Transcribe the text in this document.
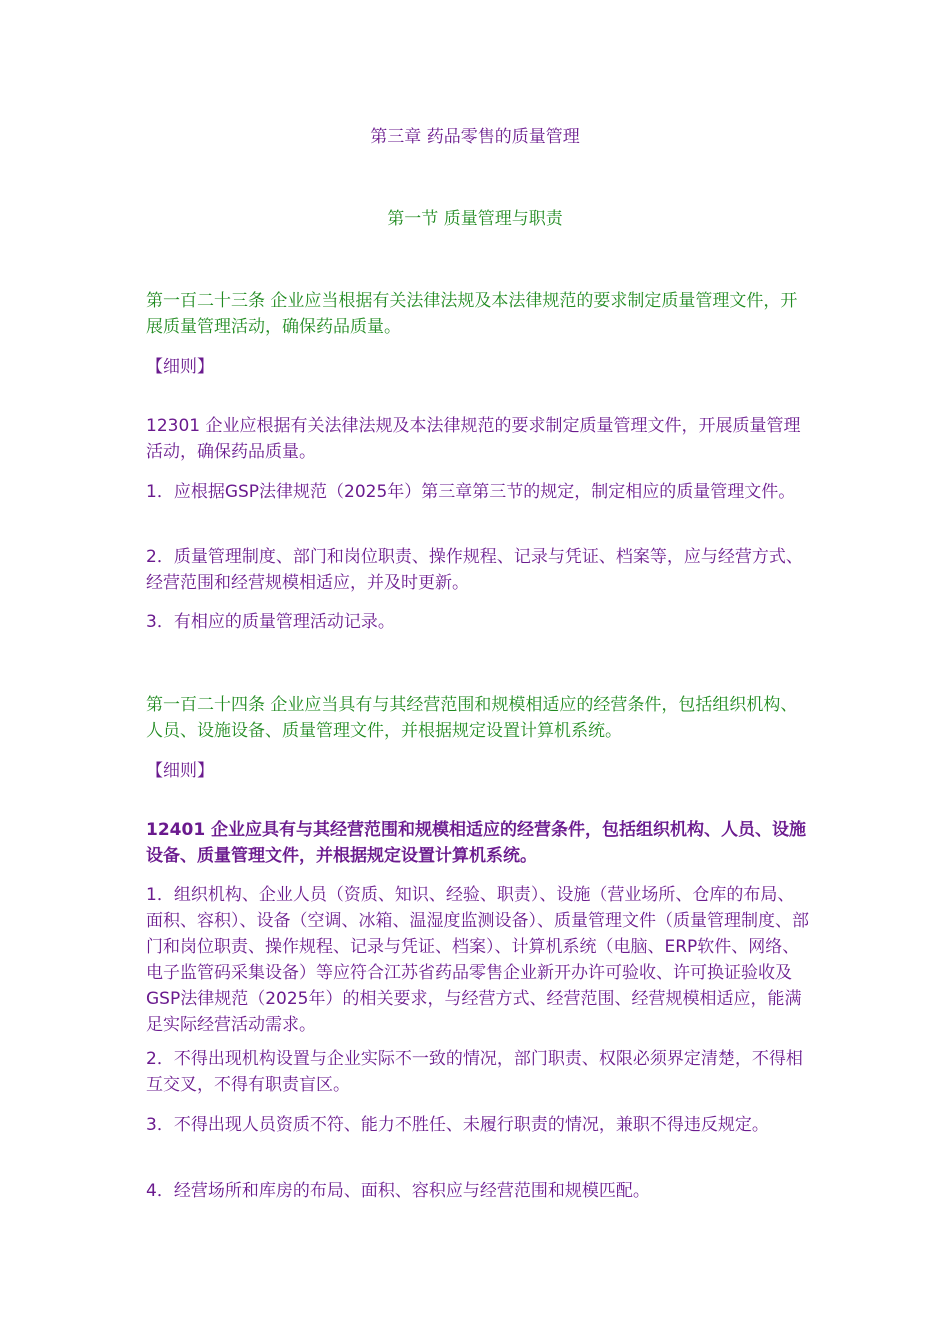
第三章 药品零售的质量管理

第一节 质量管理与职责

第一百二十三条 企业应当根据有关法律法规及本法律规范的要求制定质量管理文件，开展质量管理活动，确保药品质量。

【细则】

12301 企业应根据有关法律法规及本法律规范的要求制定质量管理文件，开展质量管理活动，确保药品质量。

1．应根据GSP法律规范（2025年）第三章第三节的规定，制定相应的质量管理文件。

2．质量管理制度、部门和岗位职责、操作规程、记录与凭证、档案等，应与经营方式、经营范围和经营规模相适应，并及时更新。

3．有相应的质量管理活动记录。

第一百二十四条 企业应当具有与其经营范围和规模相适应的经营条件，包括组织机构、人员、设施设备、质量管理文件，并根据规定设置计算机系统。

【细则】

12401 企业应具有与其经营范围和规模相适应的经营条件，包括组织机构、人员、设施设备、质量管理文件，并根据规定设置计算机系统。

1．组织机构、企业人员（资质、知识、经验、职责）、设施（营业场所、仓库的布局、面积、容积）、设备（空调、冰箱、温湿度监测设备）、质量管理文件（质量管理制度、部门和岗位职责、操作规程、记录与凭证、档案）、计算机系统（电脑、ERP软件、网络、电子监管码采集设备）等应符合江苏省药品零售企业新开办许可验收、许可换证验收及GSP法律规范（2025年）的相关要求，与经营方式、经营范围、经营规模相适应，能满足实际经营活动需求。

2．不得出现机构设置与企业实际不一致的情况，部门职责、权限必须界定清楚，不得相互交叉，不得有职责盲区。

3．不得出现人员资质不符、能力不胜任、未履行职责的情况，兼职不得违反规定。

4．经营场所和库房的布局、面积、容积应与经营范围和规模匹配。
